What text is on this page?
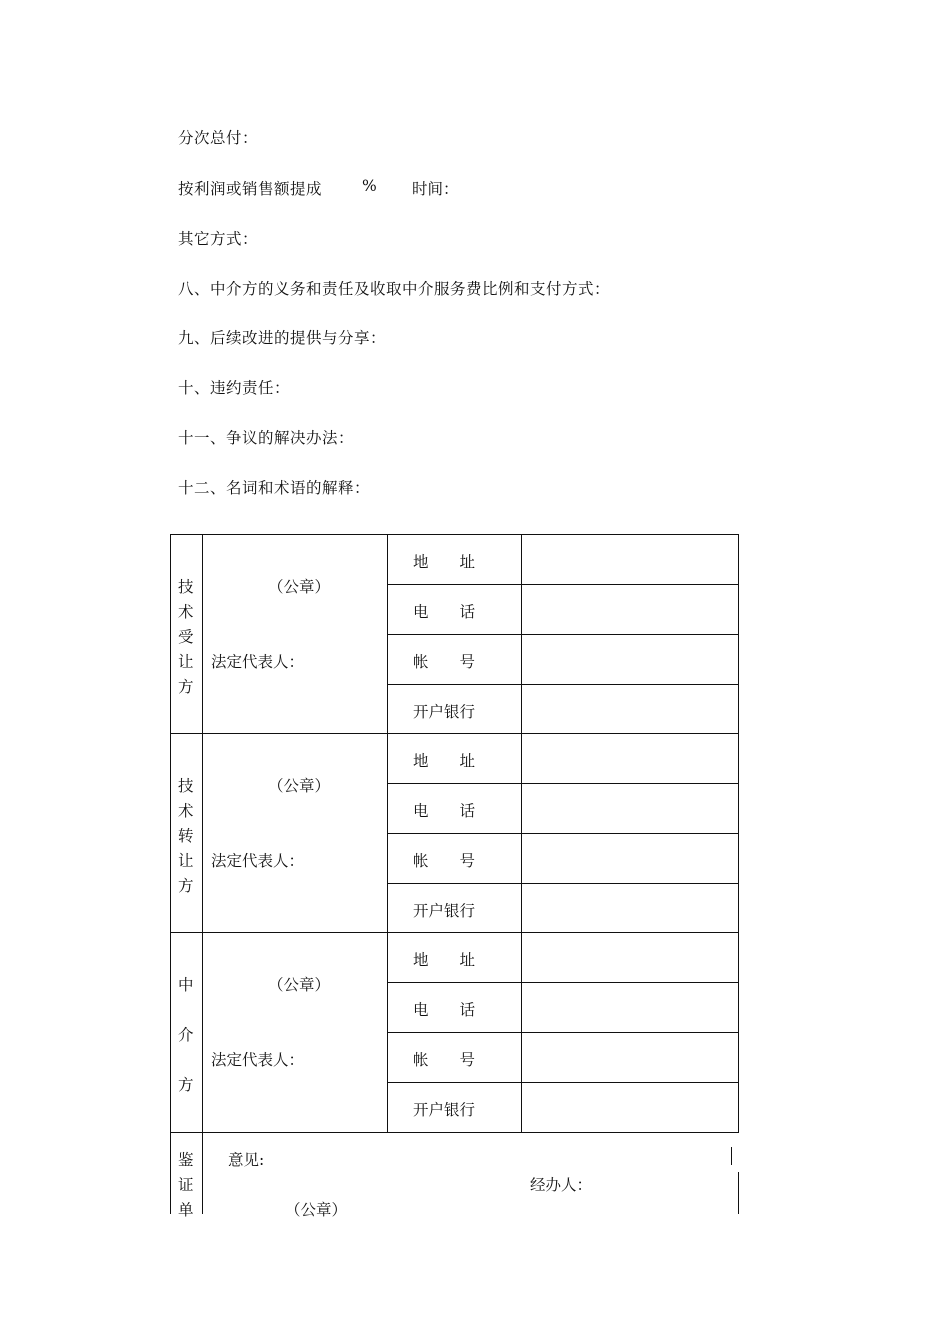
分次总付：
按利润或销售额提成	% 时间：
其它方式：
八、中介方的义务和责任及收取中介服务费比例和支付方式：
九、后续改进的提供与分享：
十、违约责任：
十一、争议的解决办法：
十二、名词和术语的解释：
技
术
受
让
方
（公章）
法定代表人：
地　　址
电　　话
帐　　号
开户银行
技
术
转
让
方
（公章）
法定代表人：
地　　址
电　　话
帐　　号
开户银行
中
介
方
（公章）
法定代表人：
地　　址
电　　话
帐　　号
开户银行
鉴
证
单
意见:
经办人：
（公章）
